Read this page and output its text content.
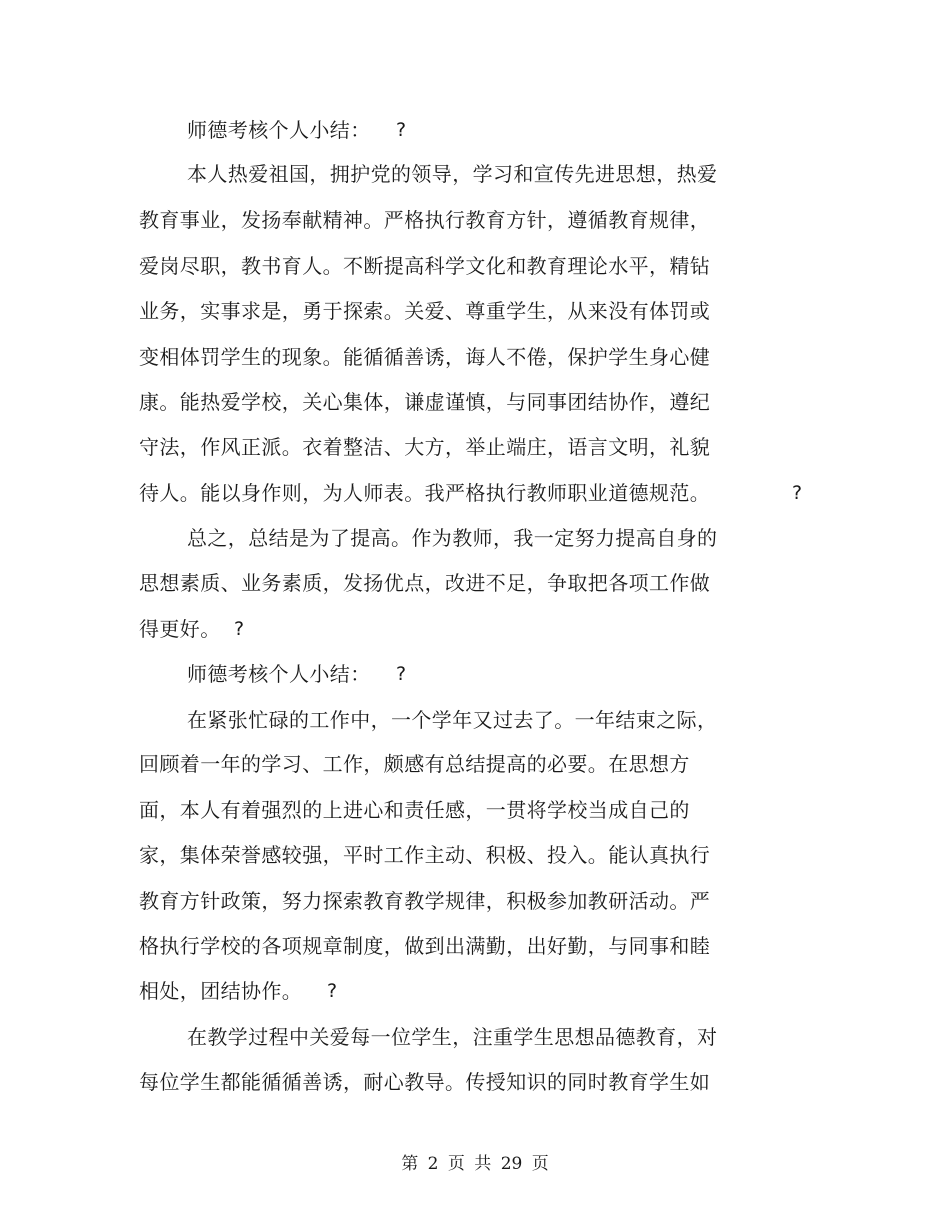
师德考核个人小结： ?
本人热爱祖国，拥护党的领导，学习和宣传先进思想，热爱
教育事业，发扬奉献精神。严格执行教育方针，遵循教育规律，
爱岗尽职，教书育人。不断提高科学文化和教育理论水平，精钻
业务，实事求是，勇于探索。关爱、尊重学生，从来没有体罚或
变相体罚学生的现象。能循循善诱，诲人不倦，保护学生身心健
康。能热爱学校，关心集体，谦虚谨慎，与同事团结协作，遵纪
守法，作风正派。衣着整洁、大方，举止端庄，语言文明，礼貌
待人。能以身作则，为人师表。我严格执行教师职业道德规范。	?
总之，总结是为了提高。作为教师，我一定努力提高自身的
思想素质、业务素质，发扬优点，改进不足，争取把各项工作做
得更好。 ?
师德考核个人小结： ?
在紧张忙碌的工作中，一个学年又过去了。一年结束之际，
回顾着一年的学习、工作，颇感有总结提高的必要。在思想方
面，本人有着强烈的上进心和责任感，一贯将学校当成自己的
家，集体荣誉感较强，平时工作主动、积极、投入。能认真执行
教育方针政策，努力探索教育教学规律，积极参加教研活动。严
格执行学校的各项规章制度，做到出满勤，出好勤，与同事和睦
相处，团结协作。 ?
在教学过程中关爱每一位学生，注重学生思想品德教育，对
每位学生都能循循善诱，耐心教导。传授知识的同时教育学生如
第 2 页 共 29 页
